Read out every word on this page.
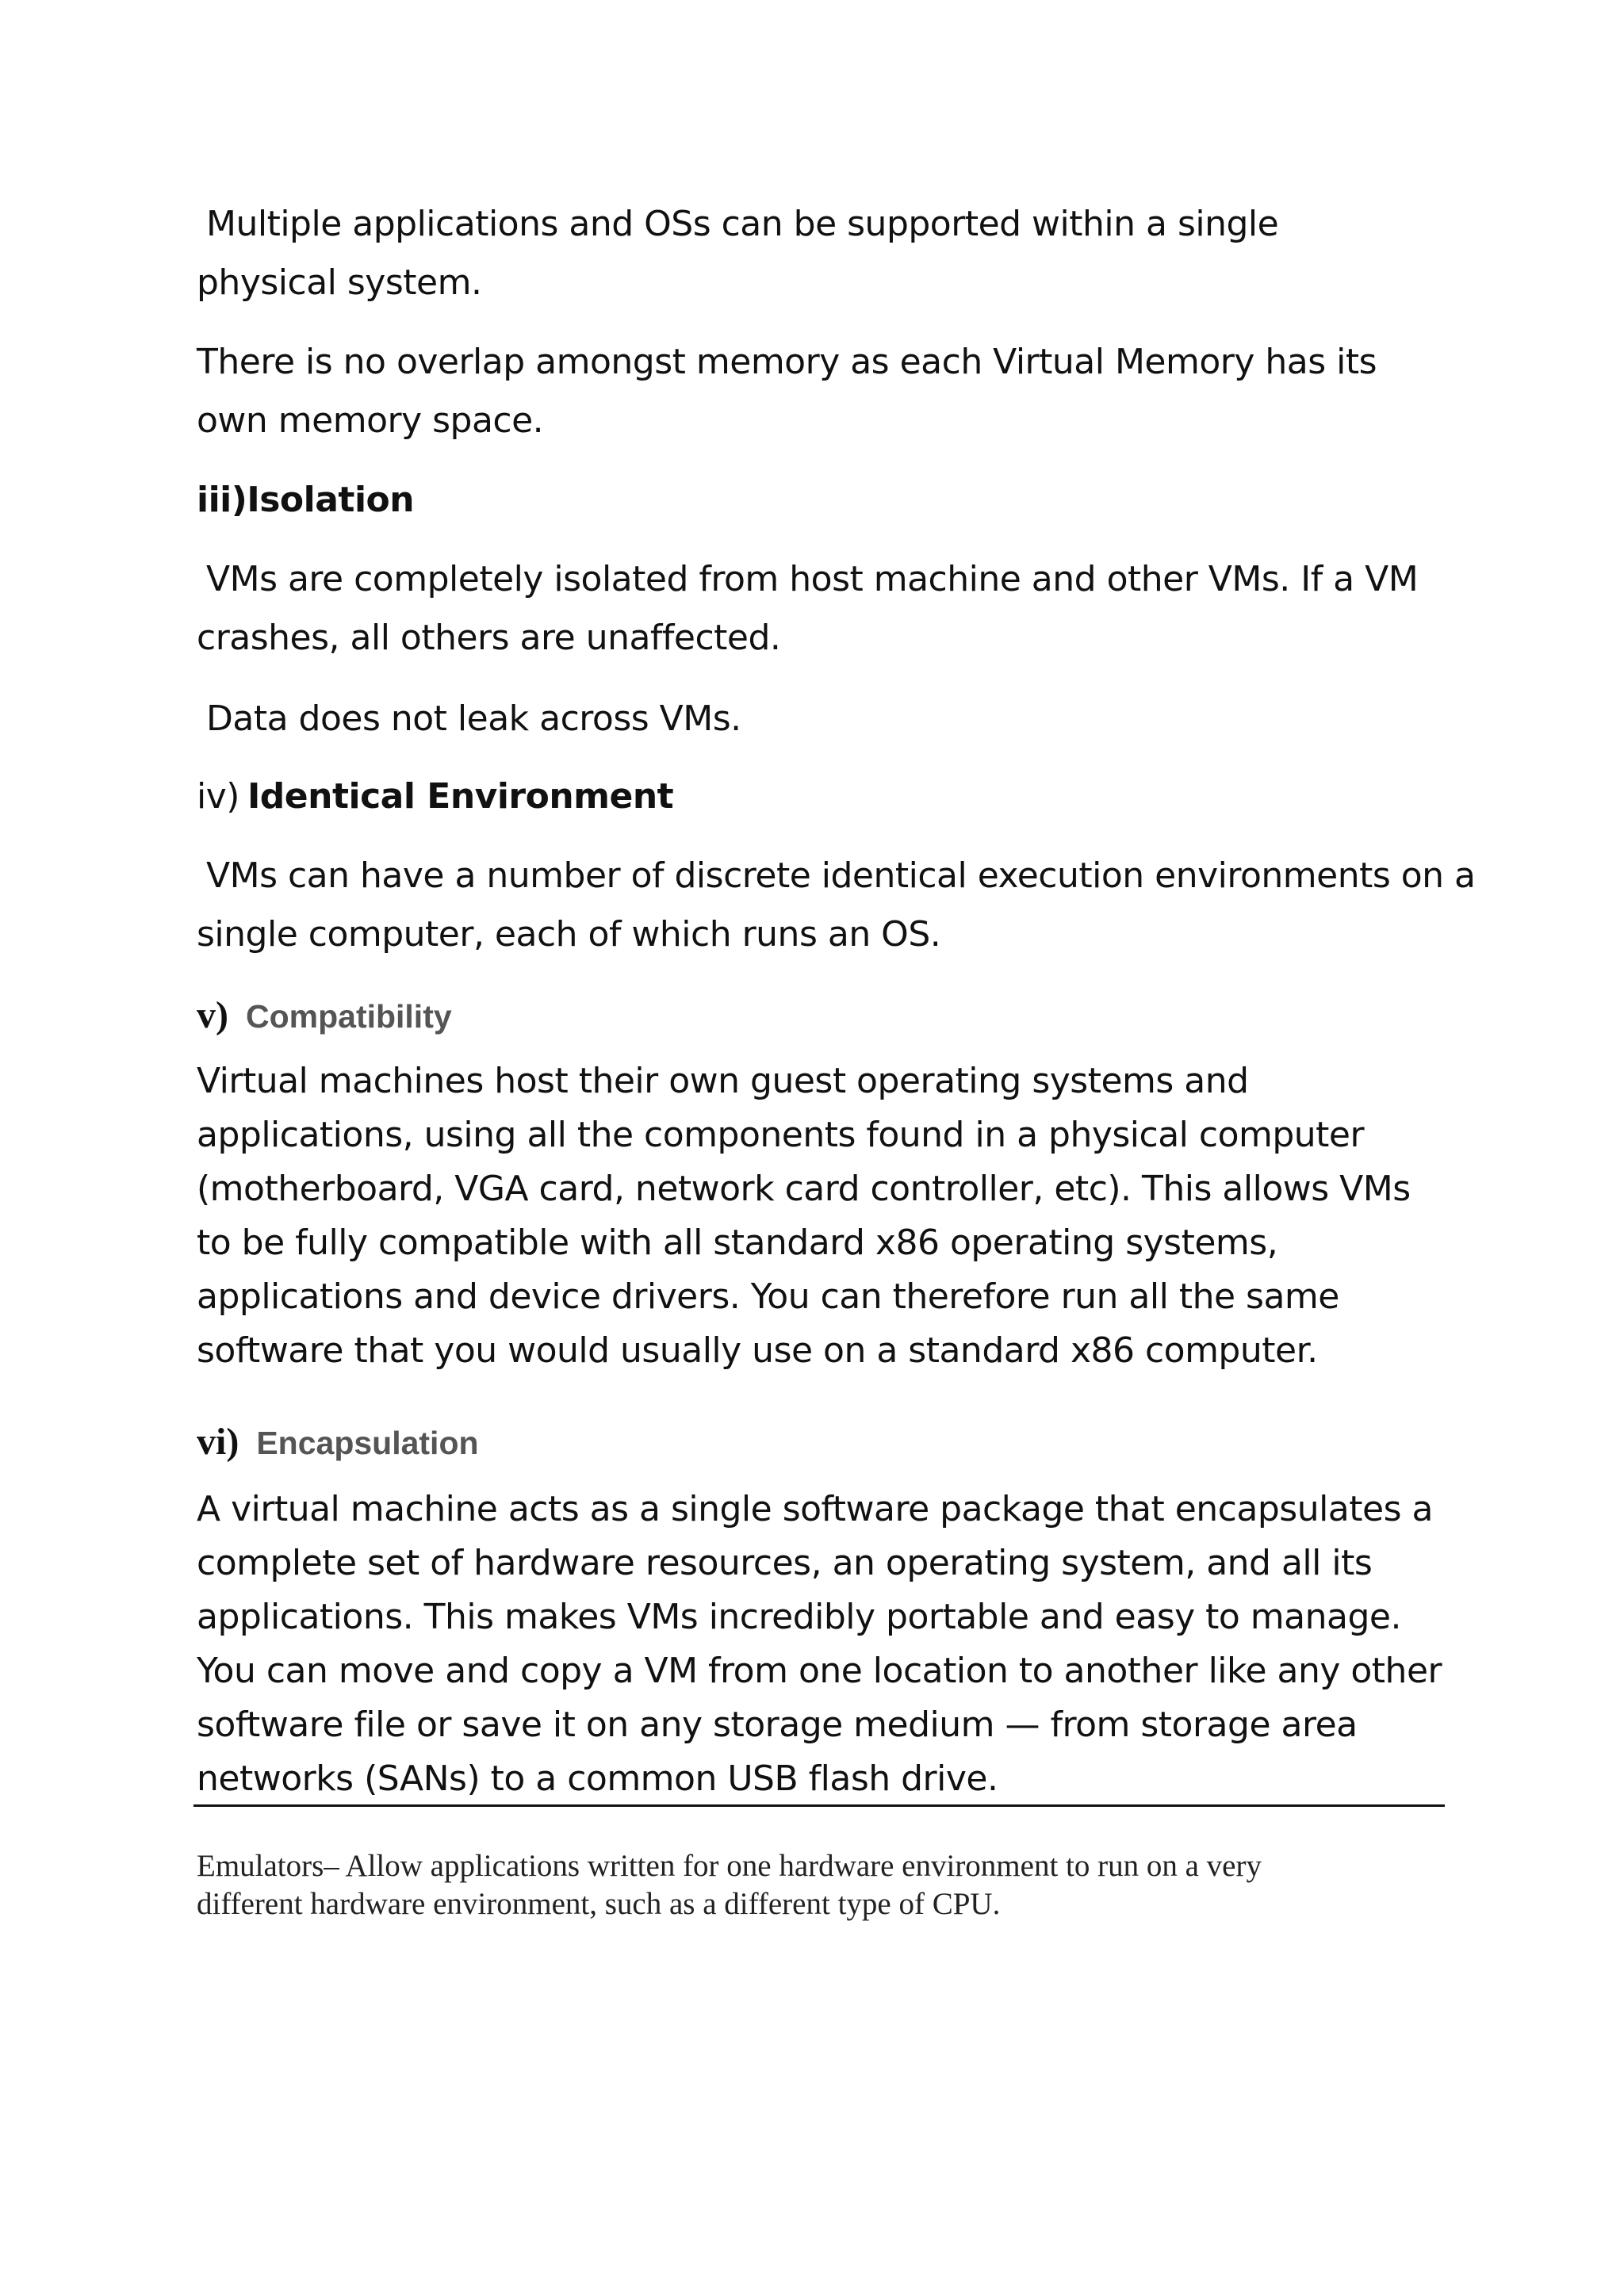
Multiple applications and OSs can be supported within a single physical system.

There is no overlap amongst memory as each Virtual Memory has its own memory space.

iii)Isolation

VMs are completely isolated from host machine and other VMs. If a VM crashes, all others are unaffected.

Data does not leak across VMs.

iv) Identical Environment

VMs can have a number of discrete identical execution environments on a single computer, each of which runs an OS.

v) Compatibility

Virtual machines host their own guest operating systems and applications, using all the components found in a physical computer (motherboard, VGA card, network card controller, etc). This allows VMs to be fully compatible with all standard x86 operating systems, applications and device drivers. You can therefore run all the same software that you would usually use on a standard x86 computer.

vi) Encapsulation

A virtual machine acts as a single software package that encapsulates a complete set of hardware resources, an operating system, and all its applications. This makes VMs incredibly portable and easy to manage. You can move and copy a VM from one location to another like any other software file or save it on any storage medium — from storage area networks (SANs) to a common USB flash drive.

Emulators– Allow applications written for one hardware environment to run on a very different hardware environment, such as a different type of CPU.
